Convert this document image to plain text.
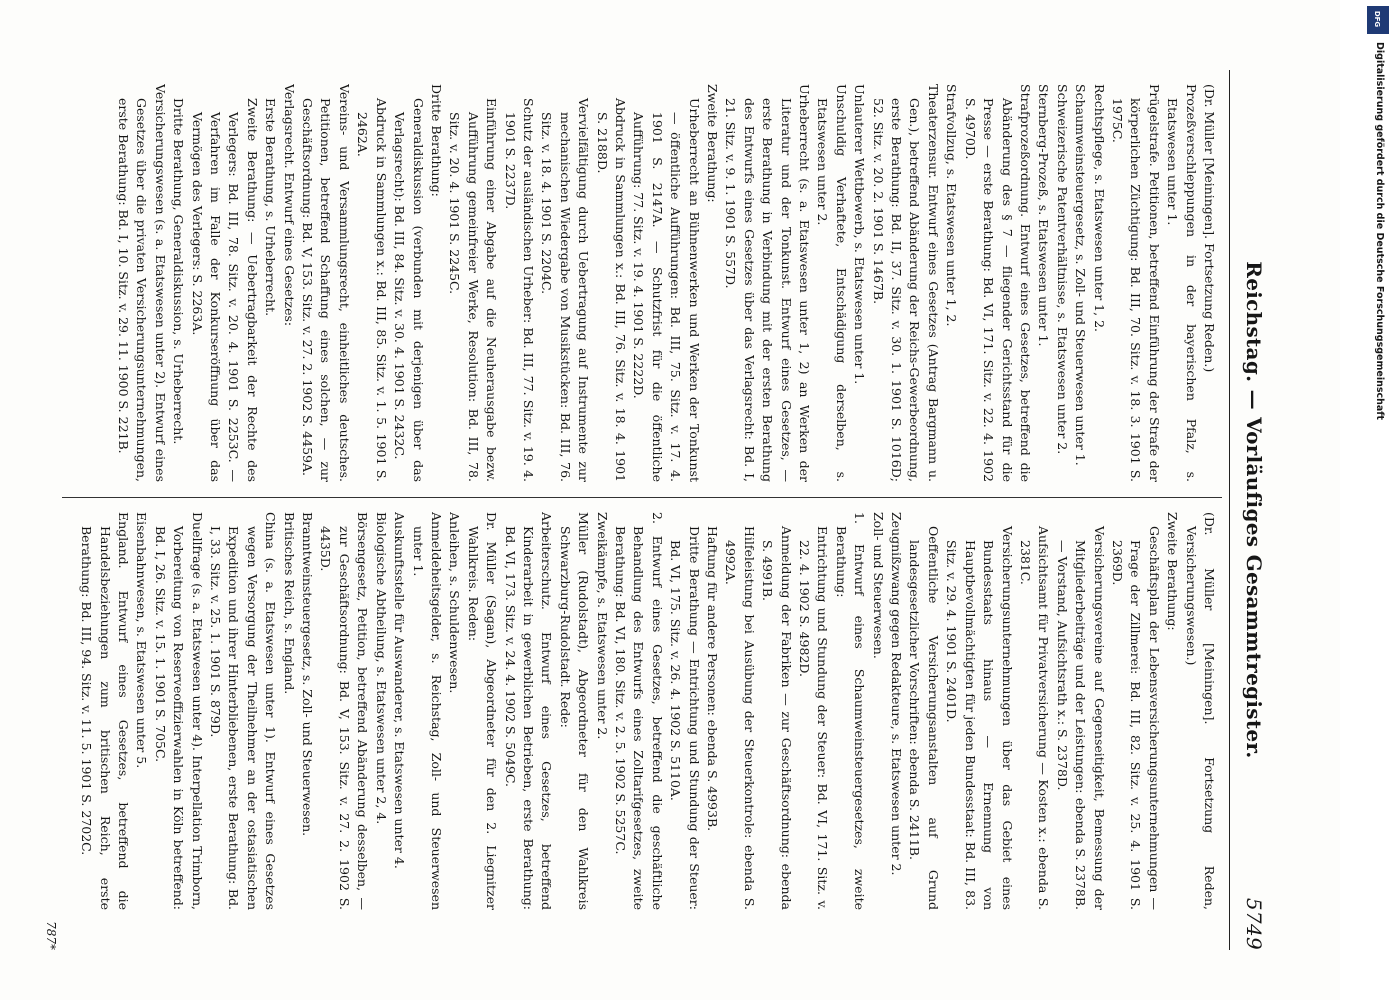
Reichstag. — Vorläufiges Gesammtregister.
5749

(Dr. Müller [Meiningen]. Fortsetzung Reden.)

Prozeßverschleppungen in der bayerischen Pfalz, s. Etatswesen unter 1.

Prügelstrafe. Petitionen, betreffend Einführung der Strafe der körperlichen Züchtigung: Bd. III, 70. Sitz. v. 18. 3. 1901 S. 1975C.

Rechtspflege, s. Etatswesen unter 1, 2.

Schaumweinsteuergesetz, s. Zoll- und Steuerwesen unter 1.

Schweizerische Patentverhältnisse, s. Etatswesen unter 2.

Sternberg-Prozeß, s. Etatswesen unter 1.

Strafprozeßordnung. Entwurf eines Gesetzes, betreffend die Abänderung des § 7 — fliegender Gerichtsstand für die Presse — erste Berathung: Bd. VI, 171. Sitz. v. 22. 4. 1902 S. 4970D.

Strafvollzug, s. Etatswesen unter 1, 2.

Theaterzensur. Entwurf eines Gesetzes (Antrag Bargmann u. Gen.), betreffend Abänderung der Reichs-Gewerbeordnung, erste Berathung: Bd. II, 37. Sitz. v. 30. 1. 1901 S. 1016D; 52. Sitz. v. 20. 2. 1901 S. 1467B.

Unlauterer Wettbewerb, s. Etatswesen unter 1.

Unschuldig Verhaftete, Entschädigung derselben, s. Etatswesen unter 2.

Urheberrecht (s. a. Etatswesen unter 1, 2) an Werken der Literatur und der Tonkunst. Entwurf eines Gesetzes, — erste Berathung in Verbindung mit der ersten Berathung des Entwurfs eines Gesetzes über das Verlagsrecht: Bd. I, 21. Sitz. v. 9. 1. 1901 S. 557D.

Zweite Berathung:

Urheberrecht an Bühnenwerken und Werken der Tonkunst — öffentliche Aufführungen: Bd. III, 75. Sitz. v. 17. 4. 1901 S. 2147A. — Schutzfrist für die öffentliche Aufführung: 77. Sitz. v. 19. 4. 1901 S. 2222D.

Abdruck in Sammlungen x.: Bd. III, 76. Sitz. v. 18. 4. 1901 S. 2188D.

Vervielfältigung durch Uebertragung auf Instrumente zur mechanischen Wiedergabe von Musikstücken: Bd. III, 76. Sitz. v. 18. 4. 1901 S. 2204C.

Schutz der ausländischen Urheber: Bd. III, 77. Sitz. v. 19. 4. 1901 S. 2237D.

Einführung einer Abgabe auf die Neuherausgabe bezw. Aufführung gemeinfreier Werke, Resolution: Bd. III, 78. Sitz. v. 20. 4. 1901 S. 2245C.

Dritte Berathung:

Generaldiskussion (verbunden mit derjenigen über das Verlagsrecht): Bd. III, 84. Sitz. v. 30. 4. 1901 S. 2432C.

Abdruck in Sammlungen x.: Bd. III, 85. Sitz. v. 1. 5. 1901 S. 2462A.

Vereins- und Versammlungsrecht, einheitliches deutsches. Petitionen, betreffend Schaffung eines solchen, — zur Geschäftsordnung: Bd. V, 153. Sitz. v. 27. 2. 1902 S. 4459A.

Verlagsrecht. Entwurf eines Gesetzes:

Erste Berathung, s. Urheberrecht.

Zweite Berathung: — Uebertragbarkeit der Rechte des Verlegers: Bd. III, 78. Sitz. v. 20. 4. 1901 S. 2253C. — Verfahren im Falle der Konkurseröffnung über das Vermögen des Verlegers: S. 2263A.

Dritte Berathung, Generaldiskussion, s. Urheberrecht.

Versicherungswesen (s. a. Etatswesen unter 2). Entwurf eines Gesetzes über die privaten Versicherungsunternehmungen, erste Berathung: Bd. I, 10. Sitz. v. 29. 11. 1900 S. 221B.

(Dr. Müller [Meiningen]. Fortsetzung Reden, Versicherungswesen.)

Zweite Berathung:

Geschäftsplan der Lebensversicherungsunternehmungen — Frage der Zillmerei: Bd. III, 82. Sitz. v. 25. 4. 1901 S. 2369D.

Versicherungsvereine auf Gegenseitigkeit, Bemessung der Mitgliederbeiträge und der Leistungen: ebenda S. 2378B. — Vorstand, Aufsichtsrath x.: S. 2378D.

Aufsichtsamt für Privatversicherung — Kosten x.: ebenda S. 2381C.

Versicherungsunternehmungen über das Gebiet eines Bundesstaats hinaus — Ernennung von Hauptbevollmächtigten für jeden Bundesstaat: Bd. III, 83. Sitz. v. 29. 4. 1901 S. 2401D.

Oeffentliche Versicherungsanstalten auf Grund landesgesetzlicher Vorschriften: ebenda S. 2411B.

Zeugnißzwang gegen Redakteure, s. Etatswesen unter 2.

Zoll- und Steuerwesen.

1. Entwurf eines Schaumweinsteuergesetzes, zweite Berathung:

Entrichtung und Stundung der Steuer: Bd. VI, 171. Sitz. v. 22. 4. 1902 S. 4982D.

Anmeldung der Fabriken — zur Geschäftsordnung: ebenda S. 4991B.

Hilfeleistung bei Ausübung der Steuerkontrole: ebenda S. 4992A.

Haftung für andere Personen: ebenda S. 4993B.

Dritte Berathung — Entrichtung und Stundung der Steuer: Bd. VI, 175. Sitz. v. 26. 4. 1902 S. 5110A.

2. Entwurf eines Gesetzes, betreffend die geschäftliche Behandlung des Entwurfs eines Zolltarifgesetzes, zweite Berathung: Bd. VI, 180. Sitz. v. 2. 5. 1902 S. 5257C.

Zweikämpfe, s. Etatswesen unter 2.

Müller (Rudolstadt), Abgeordneter für den Wahlkreis Schwarzburg-Rudolstadt. Rede:

Arbeiterschutz. Entwurf eines Gesetzes, betreffend Kinderarbeit in gewerblichen Betrieben, erste Berathung: Bd. VI, 173. Sitz. v. 24. 4. 1902 S. 5049C.

Dr. Müller (Sagan), Abgeordneter für den 2. Liegnitzer Wahlkreis. Reden:

Anleihen, s. Schuldenwesen.

Anmeldeheitsgelder, s. Reichstag, Zoll- und Steuerwesen unter 1.

Auskunftsstelle für Auswanderer, s. Etatswesen unter 4.

Biologische Abtheilung, s. Etatswesen unter 2, 4.

Börsengesetz, Petition, betreffend Abänderung desselben, — zur Geschäftsordnung: Bd. V, 153. Sitz. v. 27. 2. 1902 S. 4435D.

Branntweinsteuergesetz, s. Zoll- und Steuerwesen.

Britisches Reich, s. England.

China (s. a. Etatswesen unter 1). Entwurf eines Gesetzes wegen Versorgung der Theilnehmer an der ostasiatischen Expedition und ihrer Hinterbliebenen, erste Berathung: Bd. I, 33. Sitz. v. 25. 1. 1901 S. 879D.

Duellfrage (s. a. Etatswesen unter 4). Interpellation Trimborn, Vorbereitung von Reserveoffizierwahlen in Köln betreffend: Bd. I, 26. Sitz. v. 15. 1. 1901 S. 705C.

Eisenbahnwesen, s. Etatswesen unter 5.

England. Entwurf eines Gesetzes, betreffend die Handelsbeziehungen zum britischen Reich, erste Berathung: Bd. III, 94. Sitz. v. 11. 5. 1901 S. 2702C.

787*
DFG
Digitalisierung gefördert durch die Deutsche Forschungsgemeinschaft
